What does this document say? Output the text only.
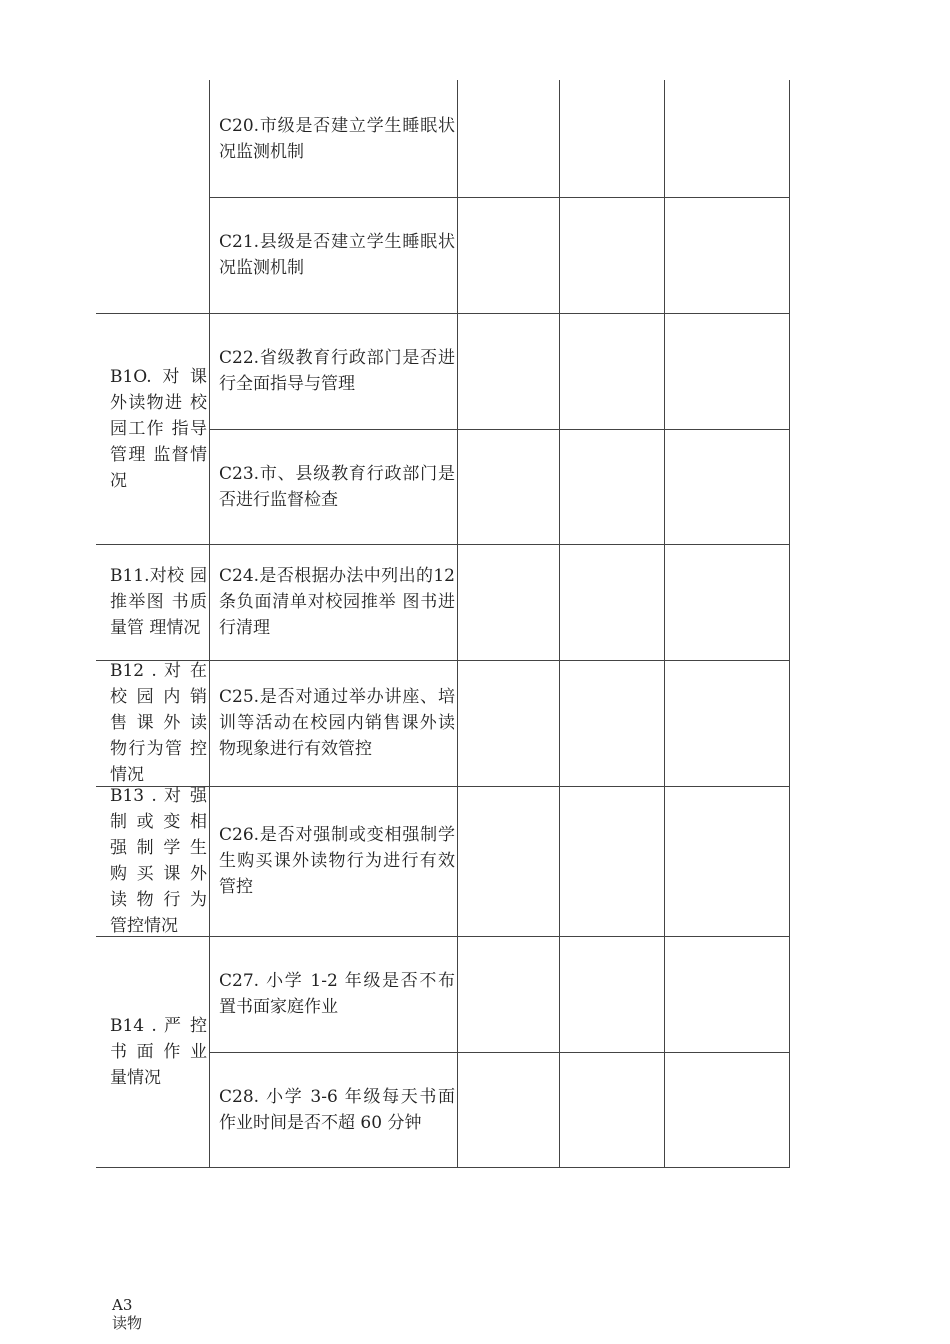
B1O.对课 外读物进 校园工作 指导管理 监督情况
B11.对校 园推举图 书质量管 理情况
B12 . 对 在 校 园 内 销 售 课 外 读 物行为管 控情况
B13 . 对 强 制 或 变 相 强 制 学 生 购 买 课 外 读 物 行 为 管控情况
B14 . 严 控 书 面 作 业 量情况
C20.市级是否建立学生睡眠状况监测机制
C21.县级是否建立学生睡眠状况监测机制
C22.省级教育行政部门是否进行全面指导与管理
C23.市、县级教育行政部门是否进行监督检查
C24.是否根据办法中列出的12条负面清单对校园推举 图书进行清理
C25.是否对通过举办讲座、培训等活动在校园内销售课外读物现象进行有效管控
C26.是否对强制或变相强制学生购买课外读物行为进行有效管控
C27. 小学 1-2 年级是否不布置书面家庭作业
C28. 小学 3-6 年级每天书面作业时间是否不超 60 分钟
A3
读物
